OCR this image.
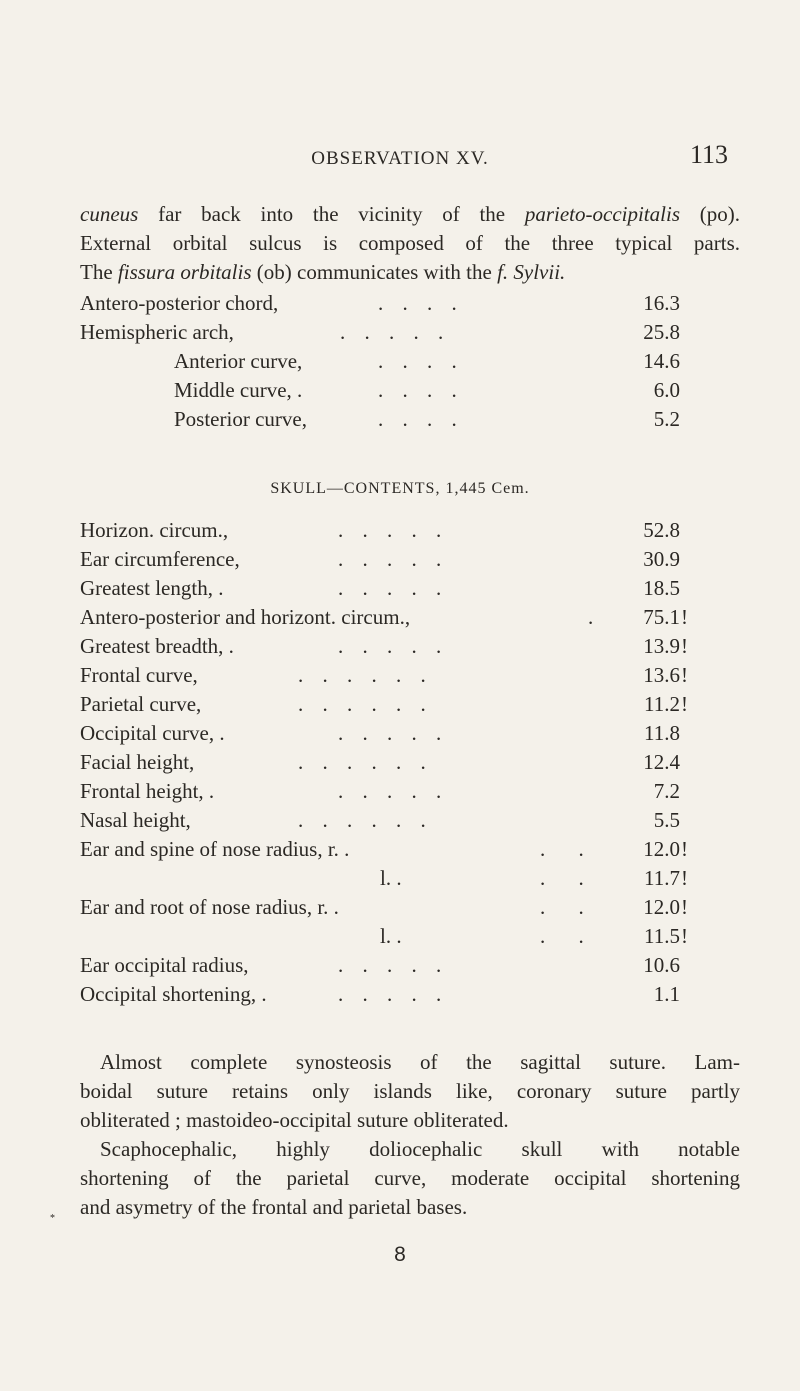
OBSERVATION XV.	113
cuneus far back into the vicinity of the parieto-occipitalis (po).
External orbital sulcus is composed of the three typical parts.
The fissura orbitalis (ob) communicates with the f. Sylvii.
Antero-posterior chord,	. . . .	16.3
Hemispheric arch,	. . . . .	25.8
Anterior curve,	. . . .	14.6
Middle curve, .	. . . .	6.0
Posterior curve,	. . . .	5.2
SKULL—CONTENTS, 1,445 Cem.
Horizon. circum.,	. . . . .	52.8
Ear circumference,	. . . . .	30.9
Greatest length, .	. . . . .	18.5
Antero-posterior and horizont. circum.,	. 75.1 !
Greatest breadth, .	. . . . .	13.9 !
Frontal curve,	. . . . . .	13.6 !
Parietal curve,	. . . . . .	11.2 !
Occipital curve, .	. . . . .	11.8
Facial height,	. . . . . .	12.4
Frontal height, .	. . . . .	7.2
Nasal height,	. . . . . .	5.5
Ear and spine of nose radius, r. .	. .	12.0 !
l. .	. .	11.7 !
Ear and root of nose radius, r. .	. .	12.0 !
l. .	. .	11.5 !
Ear occipital radius,	. . . . .	10.6
Occipital shortening, .	. . . . .	1.1
Almost complete synosteosis of the sagittal suture. Lam-
boidal suture retains only islands like, coronary suture partly
obliterated ; mastoideo-occipital suture obliterated.
Scaphocephalic, highly doliocephalic skull with notable
shortening of the parietal curve, moderate occipital shortening
and asymetry of the frontal and parietal bases.
*
8
